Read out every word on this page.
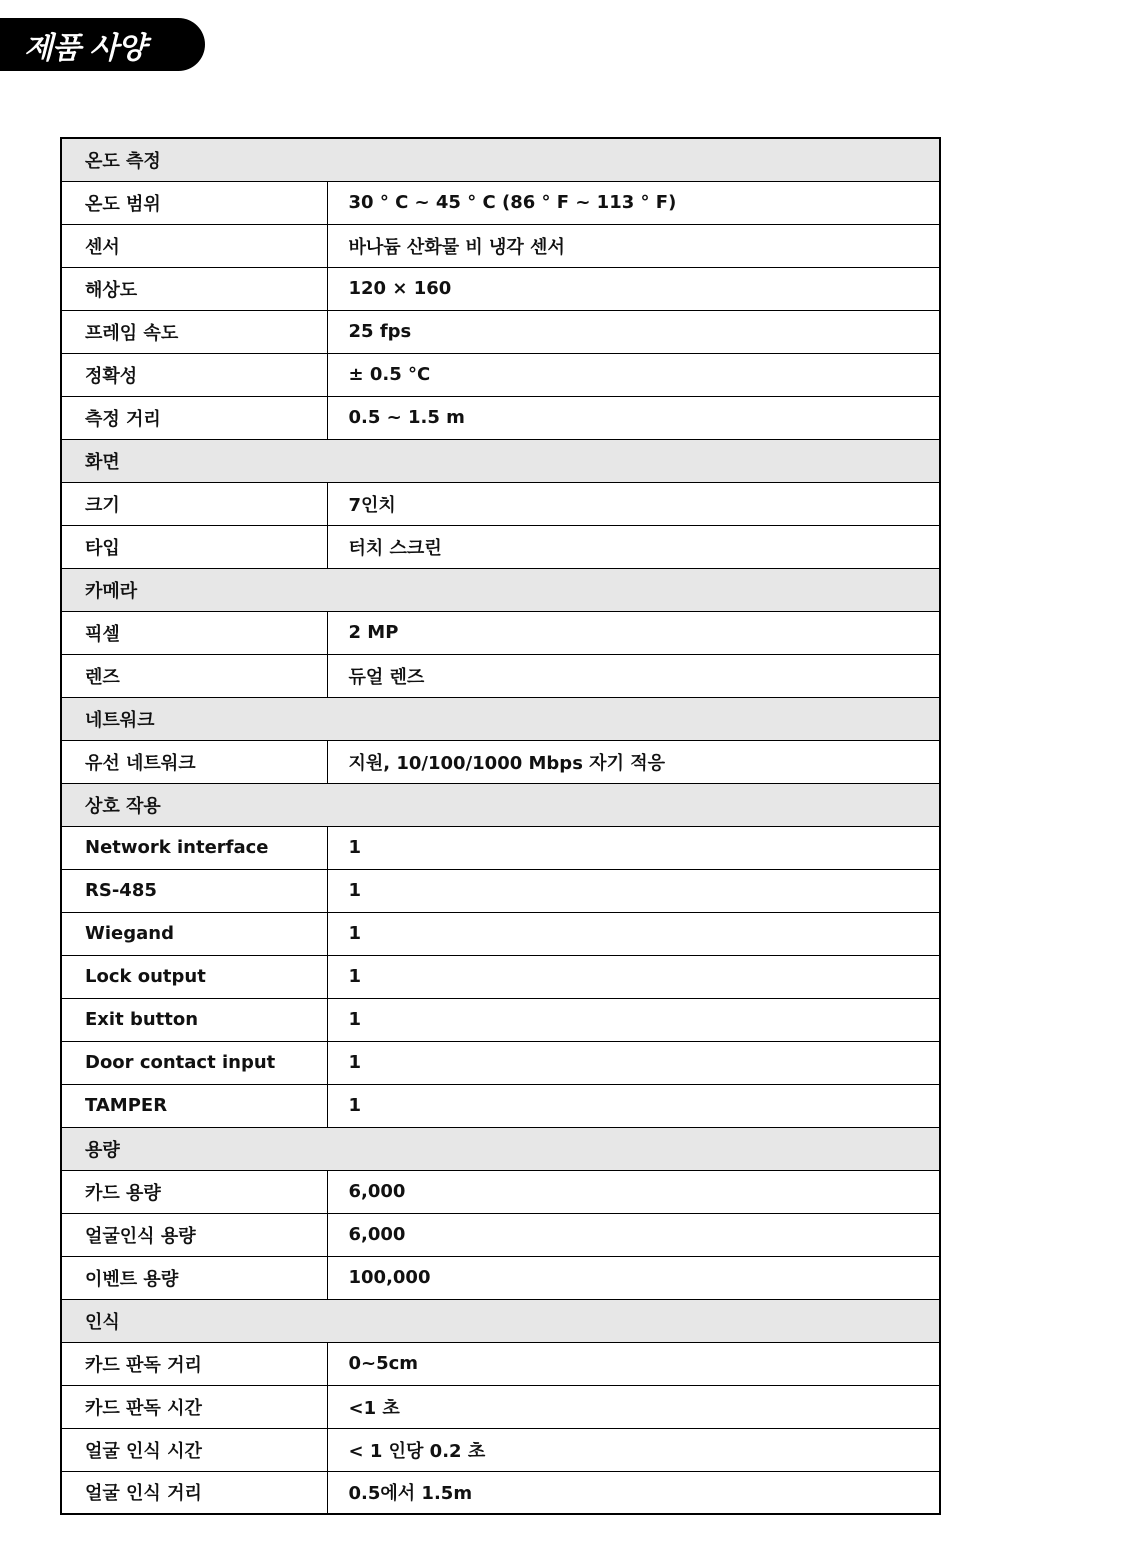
제품 사양
온도 측정	
온도 범위	30 ° C ~ 45 ° C (86 ° F ~ 113 ° F)
센서	바나듐 산화물 비 냉각 센서
해상도	120 × 160
프레임 속도	25 fps
정확성	± 0.5 °C
측정 거리	0.5 ~ 1.5 m
화면	
크기	7인치
타입	터치 스크린
카메라	
픽셀	2 MP
렌즈	듀얼 렌즈
네트워크	
유선 네트워크	지원, 10/100/1000 Mbps 자기 적응
상호 작용	
Network interface	1
RS-485	1
Wiegand	1
Lock output	1
Exit button	1
Door contact input	1
TAMPER	1
용량	
카드 용량	6,000
얼굴인식 용량	6,000
이벤트 용량	100,000
인식	
카드 판독 거리	0~5cm
카드 판독 시간	<1 초
얼굴 인식 시간	< 1 인당 0.2 초
얼굴 인식 거리	0.5에서 1.5m
